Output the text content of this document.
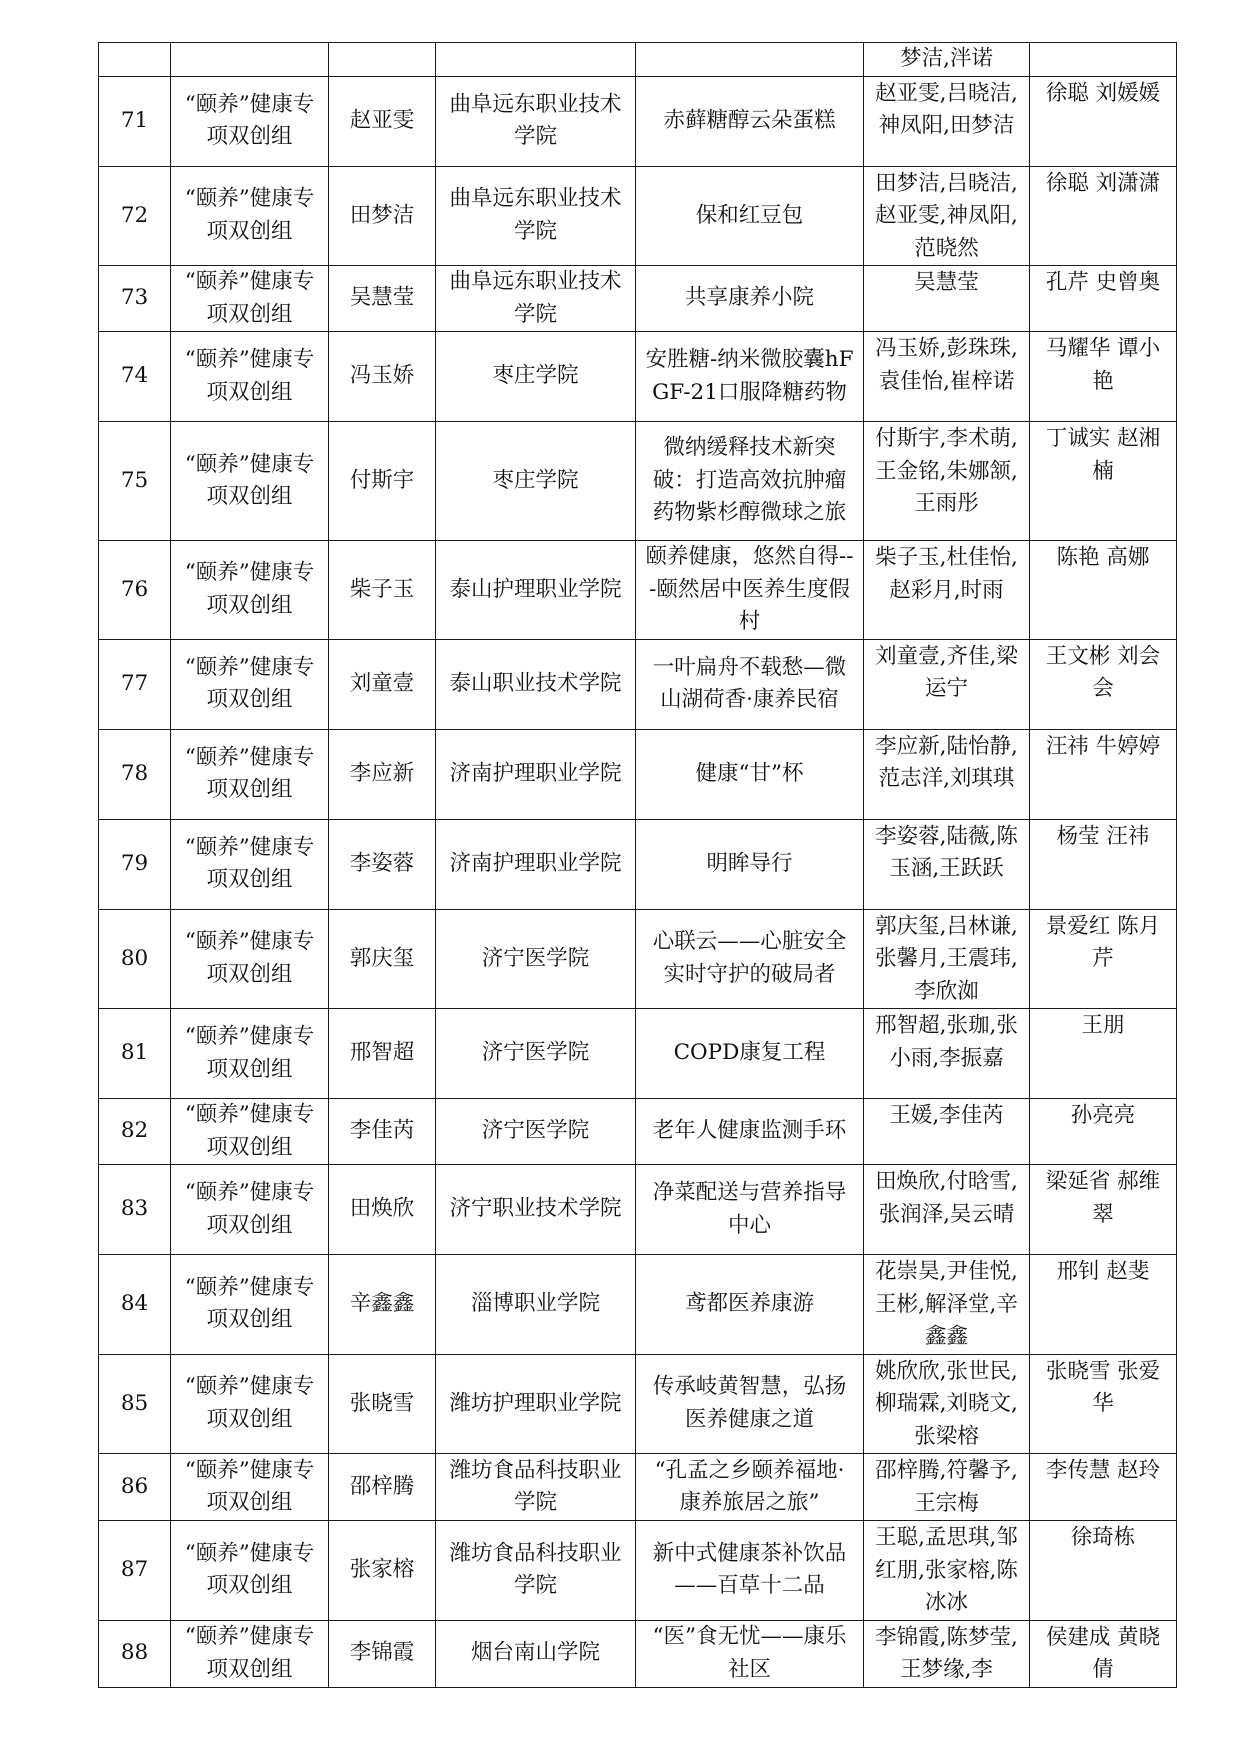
					梦洁,泮诺	
71	“颐养”健康专项双创组	赵亚雯	曲阜远东职业技术学院	赤藓糖醇云朵蛋糕	赵亚雯,吕晓洁,神凤阳,田梦洁	徐聪 刘媛媛
72	“颐养”健康专项双创组	田梦洁	曲阜远东职业技术学院	保和红豆包	田梦洁,吕晓洁,赵亚雯,神凤阳,范晓然	徐聪 刘潇潇
73	“颐养”健康专项双创组	吴慧莹	曲阜远东职业技术学院	共享康养小院	吴慧莹	孔芹 史曾奥
74	“颐养”健康专项双创组	冯玉娇	枣庄学院	安胜糖-纳米微胶囊hFGF-21口服降糖药物	冯玉娇,彭珠珠,袁佳怡,崔梓诺	马耀华 谭小艳
75	“颐养”健康专项双创组	付斯宇	枣庄学院	微纳缓释技术新突破：打造高效抗肿瘤药物紫杉醇微球之旅	付斯宇,李术萌,王金铭,朱娜颔,王雨彤	丁诚实 赵湘楠
76	“颐养”健康专项双创组	柴子玉	泰山护理职业学院	颐养健康，悠然自得---颐然居中医养生度假村	柴子玉,杜佳怡,赵彩月,时雨	陈艳 高娜
77	“颐养”健康专项双创组	刘童壹	泰山职业技术学院	一叶扁舟不载愁—微山湖荷香·康养民宿	刘童壹,齐佳,梁运宁	王文彬 刘会会
78	“颐养”健康专项双创组	李应新	济南护理职业学院	健康“甘”杯	李应新,陆怡静,范志洋,刘琪琪	汪祎 牛婷婷
79	“颐养”健康专项双创组	李姿蓉	济南护理职业学院	明眸导行	李姿蓉,陆薇,陈玉涵,王跃跃	杨莹 汪祎
80	“颐养”健康专项双创组	郭庆玺	济宁医学院	心联云——心脏安全实时守护的破局者	郭庆玺,吕林谦,张馨月,王震玮,李欣洳	景爱红 陈月芹
81	“颐养”健康专项双创组	邢智超	济宁医学院	COPD康复工程	邢智超,张珈,张小雨,李振嘉	王朋
82	“颐养”健康专项双创组	李佳芮	济宁医学院	老年人健康监测手环	王媛,李佳芮	孙亮亮
83	“颐养”健康专项双创组	田焕欣	济宁职业技术学院	净菜配送与营养指导中心	田焕欣,付晗雪,张润泽,吴云晴	梁延省 郝维翠
84	“颐养”健康专项双创组	辛鑫鑫	淄博职业学院	鸢都医养康游	花崇昊,尹佳悦,王彬,解泽堂,辛鑫鑫	邢钊 赵斐
85	“颐养”健康专项双创组	张晓雪	潍坊护理职业学院	传承岐黄智慧，弘扬医养健康之道	姚欣欣,张世民,柳瑞霖,刘晓文,张梁榕	张晓雪 张爱华
86	“颐养”健康专项双创组	邵梓腾	潍坊食品科技职业学院	“孔孟之乡颐养福地·康养旅居之旅”	邵梓腾,符馨予,王宗梅	李传慧 赵玲
87	“颐养”健康专项双创组	张家榕	潍坊食品科技职业学院	新中式健康茶补饮品——百草十二品	王聪,孟思琪,邹红朋,张家榕,陈冰冰	徐琦栋
88	“颐养”健康专项双创组	李锦霞	烟台南山学院	“医”食无忧——康乐社区	李锦霞,陈梦莹,王梦缘,李	侯建成 黄晓倩
